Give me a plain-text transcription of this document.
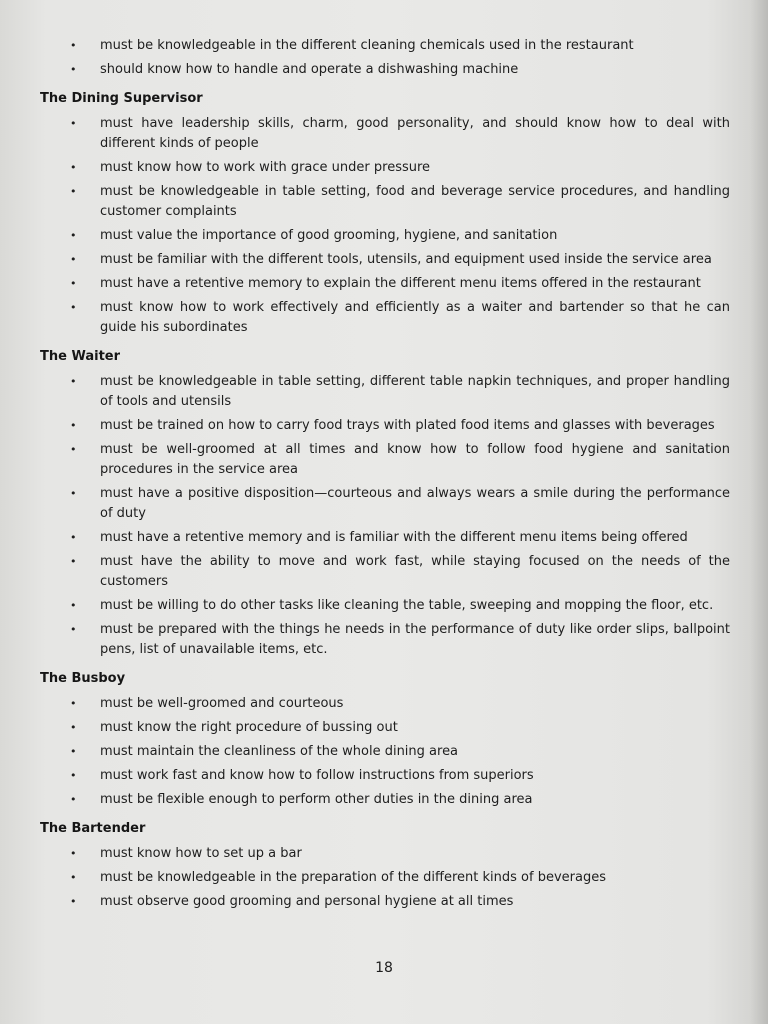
• must be knowledgeable in the different cleaning chemicals used in the restaurant
• should know how to handle and operate a dishwashing machine
The Dining Supervisor
• must have leadership skills, charm, good personality, and should know how to deal with different kinds of people
• must know how to work with grace under pressure
• must be knowledgeable in table setting, food and beverage service procedures, and handling customer complaints
• must value the importance of good grooming, hygiene, and sanitation
• must be familiar with the different tools, utensils, and equipment used inside the service area
• must have a retentive memory to explain the different menu items offered in the restaurant
• must know how to work effectively and efficiently as a waiter and bartender so that he can guide his subordinates
The Waiter
• must be knowledgeable in table setting, different table napkin techniques, and proper handling of tools and utensils
• must be trained on how to carry food trays with plated food items and glasses with beverages
• must be well-groomed at all times and know how to follow food hygiene and sanitation procedures in the service area
• must have a positive disposition—courteous and always wears a smile during the performance of duty
• must have a retentive memory and is familiar with the different menu items being offered
• must have the ability to move and work fast, while staying focused on the needs of the customers
• must be willing to do other tasks like cleaning the table, sweeping and mopping the floor, etc.
• must be prepared with the things he needs in the performance of duty like order slips, ballpoint pens, list of unavailable items, etc.
The Busboy
• must be well-groomed and courteous
• must know the right procedure of bussing out
• must maintain the cleanliness of the whole dining area
• must work fast and know how to follow instructions from superiors
• must be flexible enough to perform other duties in the dining area
The Bartender
• must know how to set up a bar
• must be knowledgeable in the preparation of the different kinds of beverages
• must observe good grooming and personal hygiene at all times
18
